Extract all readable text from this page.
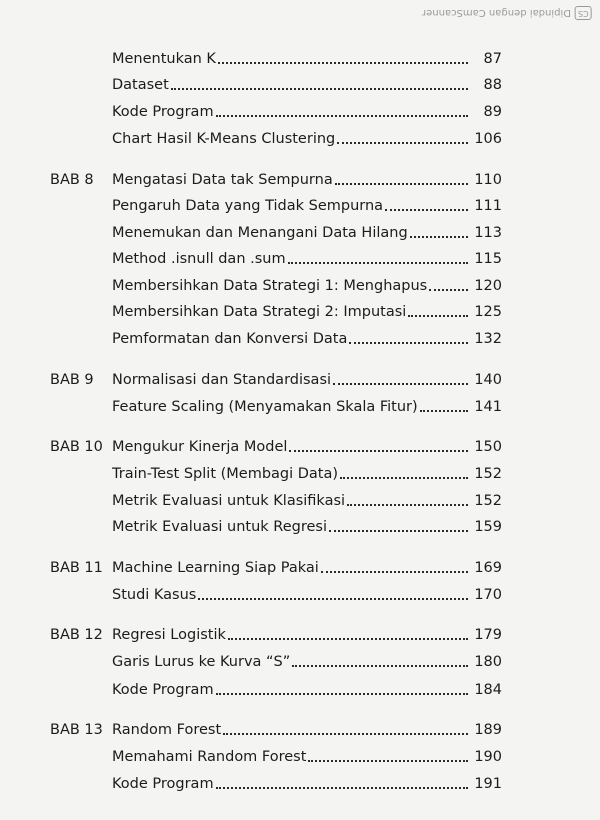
CS
Dipindai dengan CamScanner
Menentukan K	87
Dataset	88
Kode Program	89
Chart Hasil K-Means Clustering	106
BAB 8	Mengatasi Data tak Sempurna	110
Pengaruh Data yang Tidak Sempurna	111
Menemukan dan Menangani Data Hilang	113
Method .isnull dan .sum	115
Membersihkan Data Strategi 1: Menghapus	120
Membersihkan Data Strategi 2: Imputasi	125
Pemformatan dan Konversi Data	132
BAB 9	Normalisasi dan Standardisasi	140
Feature Scaling (Menyamakan Skala Fitur)	141
BAB 10 Mengukur Kinerja Model	150
Train-Test Split (Membagi Data)	152
Metrik Evaluasi untuk Klasifikasi	152
Metrik Evaluasi untuk Regresi	159
BAB 11 Machine Learning Siap Pakai	169
Studi Kasus	170
BAB 12 Regresi Logistik	179
Garis Lurus ke Kurva “S”	180
Kode Program	184
BAB 13 Random Forest	189
Memahami Random Forest	190
Kode Program	191
